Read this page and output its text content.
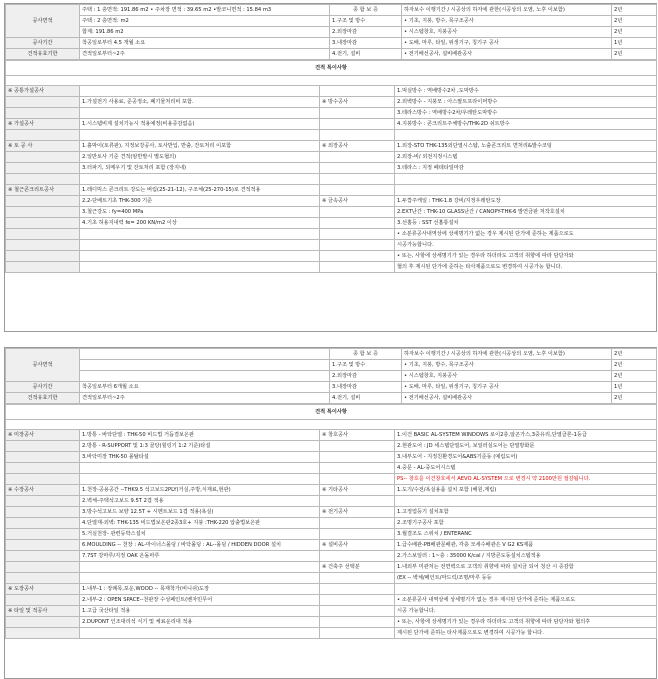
공사면적	주택 : 1 층면적: 191.86 m2 • 주차장 면적 : 39.65 m2 •발코니면적 : 15.84 m3	종 합 보 증	하자보수 이행기간 / 시공상의 하자에 관한(시공상의 오염, 노후 이보함)	2년
	주택 : 2 층면적: m2	1.구조 및 방수	• 기초, 지붕, 방수, 목구조공사	2년
	합계: 191.86 m2	2.외장마감	• 시스템창호, 지붕공사	2년
공사기간	착공일로부터 4.5 개월 소요	3.내장마감	• 도배, 마루, 타일, 위생기구, 칭기구 공사	1년
건적유효기한	견적일로부터~2주	4.전기, 설비	• 전기배선공사, 설비배관공사	2년
견적 특이사항			

※ 공통가설공사			1.먹실방수 : 역배방수2차 ,도막방수
	1.가설전기 사용료, 준공정소, 폐기물처리비 포함.	※ 방수공사	2.외벽방수 - 지붕모 : 아스팔트프라이머방수
			3.테라스방수 : 역배방수2차/우레탄도막방수
※ 가설공사	1.시스템비계 설치기능시 적용예정(비용증감없음)		4.지붕방수 : 콘크리트주체방수/THK-2D 쉬트방수

※ 토 공 사	1.흙막이(토류판), 지정보강공사, 토사반입, 반출, 잔토처리 이포함	※ 외장공사	1.외장-STO THK-135외단열시스템, 노출콘크리트 면처리&발수코팅
	2.일반토사 기준 견적(암반발시 별도협의)		2.외장-비/ 외전지정시스템
	3.터파기, 되메우기 및 잔토처리 포함 (장지내)		3.테라스 : 지정 페데타일마감

※ 철근콘크리트공사	1.레디믹스 콘크리트 강도는 버림(25-21-12), 구조체(25-270-15)로 견적적용		
	2.2-단배트기초 THK-300 기준	※ 금속공사	1.두깝주케일 : THK-1.8 강비/지정우레탄도장
	3.철근강도 : fy=400 MPa		2.EXT난간 : THK-10 GLASS난간 / CANOPY-THK-6 발연금판 처작호설치
	4.기초 허용지내력 fe= 200 KN/m2 이상		3.선홈등 : SST 선홈통설치
			• 소분류공사내역상에 상세명기가 없는 경우 제시된 단가에 준하는 제품으로도
			시공가능합니다.
			• 또는, 사항에 상세명기가 있는 경우라 하더라도 고객의 취향에 따라 담당자와
			협의 후 제시된 단가에 준하는 타사제품으로도 변경하여 시공가능 합니다.
공사면적		종 합 보 증	하자보수 이행기간 / 시공상의 하자에 관한(시공상의 오염, 노후 이보함)	2년
		1.구조 및 방수	• 기초, 지붕, 방수, 목구조공사	2년
		2.외장마감	• 시스템창호, 지붕공사	2년
공사기간	착공일로부터 6개월 소요	3.내장마감	• 도배, 마루, 타일, 위생기구, 칭기구 공사	1년
건적유효기한	견적일로부터~2주	4.전기, 설비	• 전기배선공사, 설비배관공사	2년
견적 특이사항			

※ 미장공사	1.방통 - 바닥단열 : THK-50 비드법 거듭결보온판	※ 창호공사	1.이건 BASIC AL-SYSTEM WINDOWS 로이2층,알곤가스,3중유리,단열클론-1등급
	2.방통 - R-SUPPORT 및 1:3 골탕(힐링기 1:2 기준)타설		2.현관도어 : JD 세스템단열도어, 보일러실도어는 단열방화문
	3.바닥미장 THK-50 몰탈타설		3.내부도어 - 지정친환경도어&ABS기준동 (예림도어)
			4.중문 - AL-중도어시스템
			PS-- 창호를 이건창호에서 AEVO AL-SYSTEM 으로 변경시 약 2100만원 절감됩니다.
※ 수장공사	1.천장-공용공간 --THK9.5 석고보드2PLY(거실,주방,식재료,현관)	※ 기타공사	1.도기/수전/욕실용품 설치 포함 (해원,계림)
	2.벽체-주택석고보드 9.5T 2겹 적용		
	3.방수석고보드 보양 12.5T + 시멘트보드 1겹 적용(욕실)	※ 전기공사	1.고정업등기 설치포함
	4.단열재-외벽: THK-135 비드법보온판2종3호+ 지붕 :THK-220 압출법보온판		2.조명기구공사 포함
	5.거실천장- 관련등박스설치		3.월결조도 스위치 / ENTERANC
	6.MOULDING -- 천장 : AL-마이너스몰딩 / 바닥몰딩 : AL--몰딩 / HIDDEN DOOR 설치	※ 설비공사	1.급수배관-PB배관문배관, 각층 모세수배관은 V G2 KS제품
	7.7ST 강마루/지정 OAK 온돌마루		2.가스보일러 : 1~층 : 35000 K/cal / 지방콘도동설치스템적용
		※ 건축주 선택분	1.내외부 미관처는 전면벽으로 고객의 취향에 따라 설치금 되어 청산 시 증감함
			(EX -- 벽체/페인트/마드릭/조명/마루 등등
※ 도장공사	1.내부-1 : 장례목,포운,WOOD -- 목재착가(비니쉬)도장		
	2.내부-2 : OPEN SPACE--천판장 수성페인트(벤자민무어		• 소분류공사 내역상에 상세명기가 없는 경우 제시된 단가에 준하는 제품으로도
※ 타일 및 적공사	1.고급 국산타일 적용		시공 가능합니다.
	2.DUPONT 인조대리석 식기 및 체료운리대 적용		• 또는, 사항에 상세명기가 있는 경우라 하더라도 고객의 취향에 따라 담당자와 협의후
			제시된 단가에 준하는 타사제품으로도 변경하여 시공가능 합니다.
